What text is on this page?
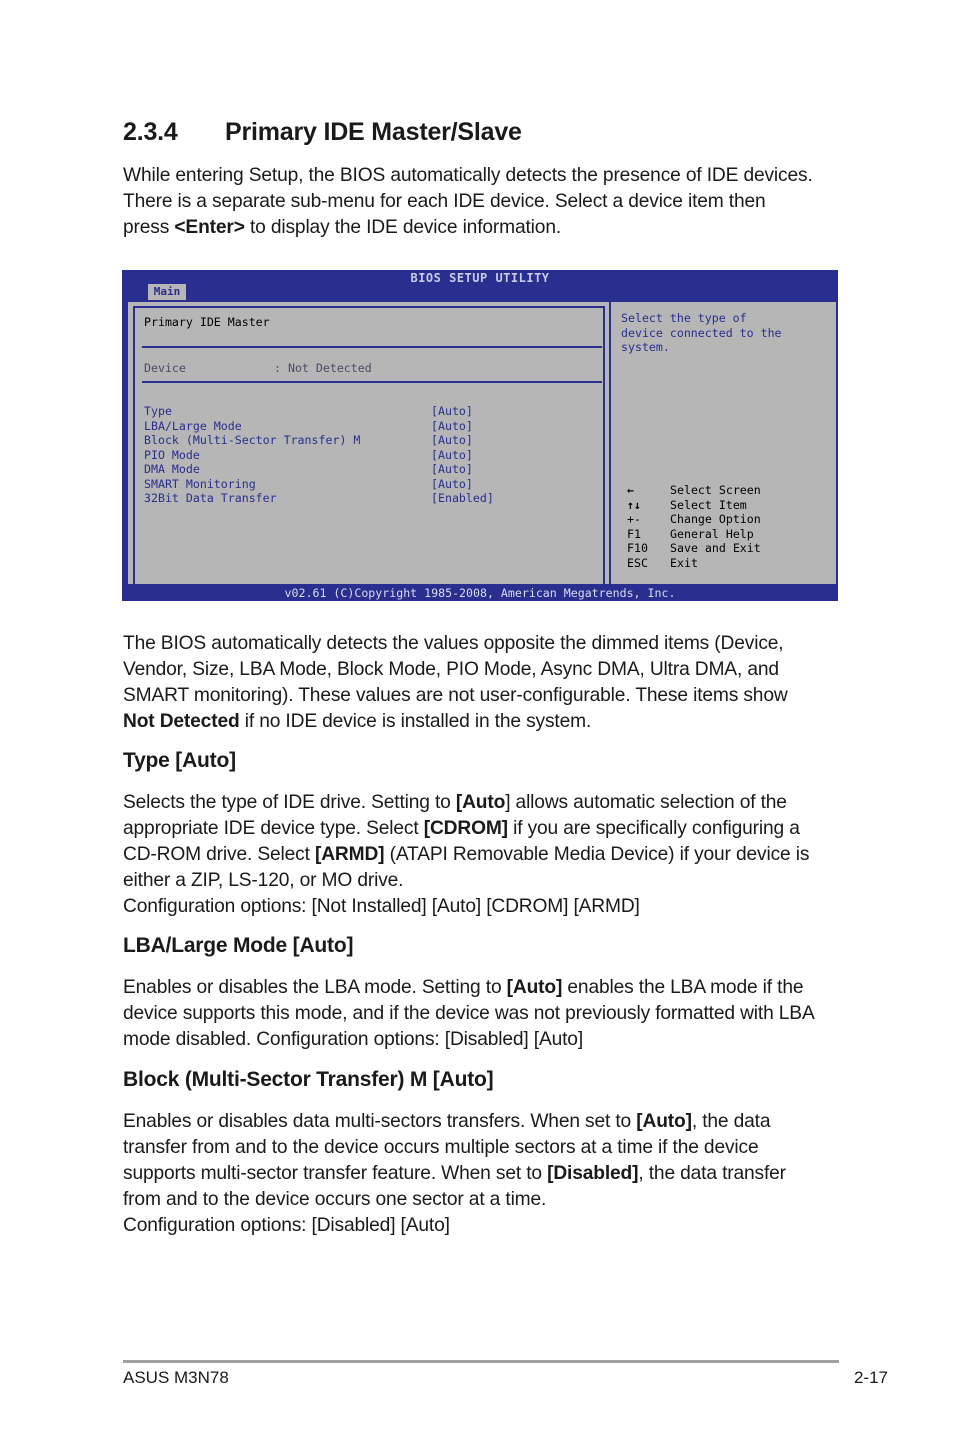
2.3.4 Primary IDE Master/Slave
While entering Setup, the BIOS automatically detects the presence of IDE devices.
There is a separate sub-menu for each IDE device. Select a device item then
press <Enter> to display the IDE device information.
BIOS SETUP UTILITY
Main
Primary IDE Master
Device	: Not Detected
Type	[Auto]
LBA/Large Mode	[Auto]
Block (Multi-Sector Transfer) M	[Auto]
PIO Mode	[Auto]
DMA Mode	[Auto]
SMART Monitoring	[Auto]
32Bit Data Transfer	[Enabled]
Select the type of
device connected to the
system.
←	Select Screen
↑↓	Select Item
+-	Change Option
F1	General Help
F10 Save and Exit
ESC Exit
v02.61 (C)Copyright 1985-2008, American Megatrends, Inc.
The BIOS automatically detects the values opposite the dimmed items (Device,
Vendor, Size, LBA Mode, Block Mode, PIO Mode, Async DMA, Ultra DMA, and
SMART monitoring). These values are not user-configurable. These items show
Not Detected if no IDE device is installed in the system.
Type [Auto]
Selects the type of IDE drive. Setting to [Auto] allows automatic selection of the
appropriate IDE device type. Select [CDROM] if you are specifically configuring a
CD-ROM drive. Select [ARMD] (ATAPI Removable Media Device) if your device is
either a ZIP, LS-120, or MO drive.
Configuration options: [Not Installed] [Auto] [CDROM] [ARMD]
LBA/Large Mode [Auto]
Enables or disables the LBA mode. Setting to [Auto] enables the LBA mode if the
device supports this mode, and if the device was not previously formatted with LBA
mode disabled. Configuration options: [Disabled] [Auto]
Block (Multi-Sector Transfer) M [Auto]
Enables or disables data multi-sectors transfers. When set to [Auto], the data
transfer from and to the device occurs multiple sectors at a time if the device
supports multi-sector transfer feature. When set to [Disabled], the data transfer
from and to the device occurs one sector at a time.
Configuration options: [Disabled] [Auto]
ASUS M3N78	2-17
